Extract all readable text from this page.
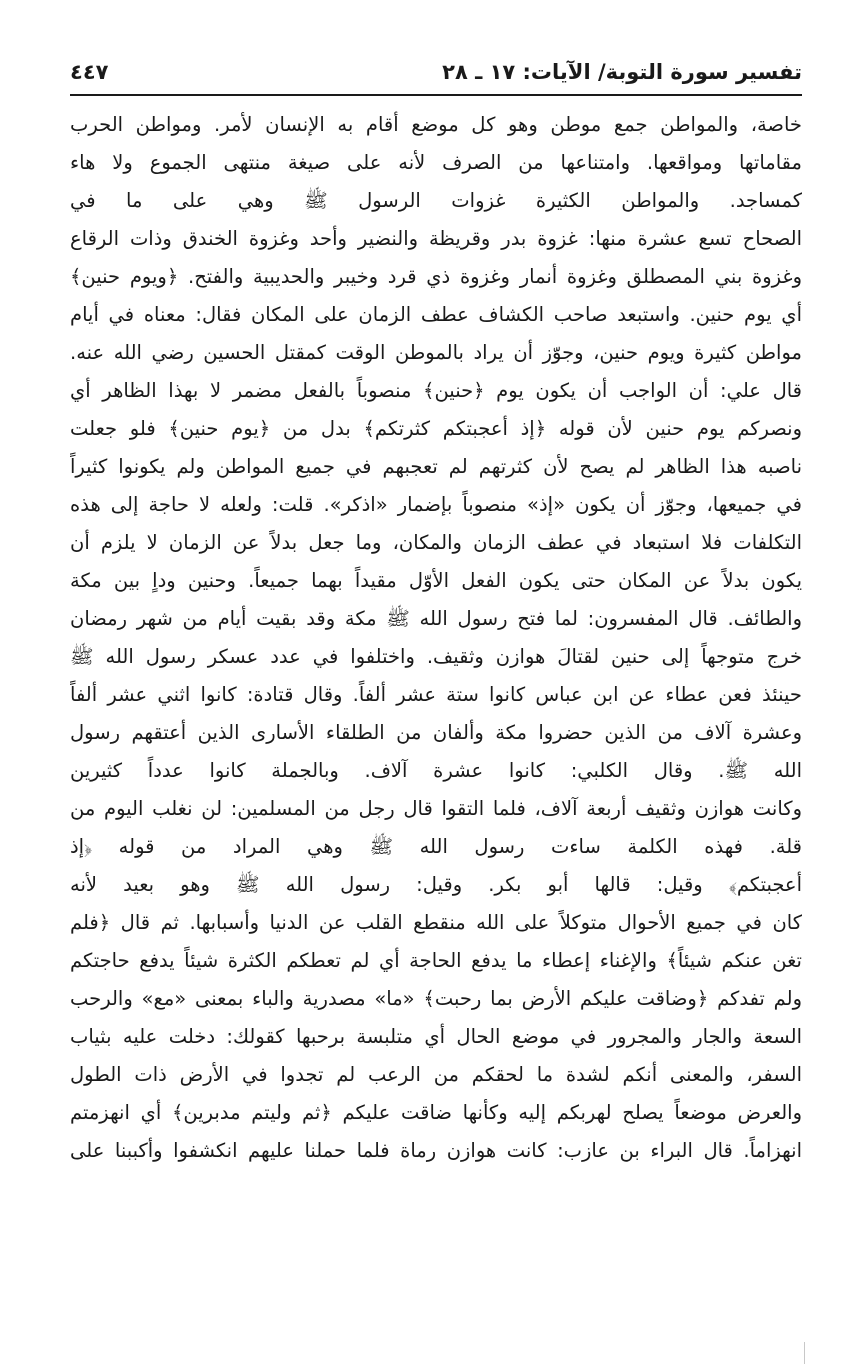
تفسير سورة التوبة/ الآيات: ١٧ ـ ٢٨
٤٤٧
خاصة، والمواطن جمع موطن وهو كل موضع أقام به الإنسان لأمر. ومواطن الحرب
مقاماتها ومواقعها. وامتناعها من الصرف لأنه على صيغة منتهى الجموع ولا هاء
كمساجد. والمواطن الكثيرة غزوات الرسول ﷺ وهي على ما في
الصحاح تسع عشرة منها: غزوة بدر وقريظة والنضير وأحد وغزوة الخندق وذات الرقاع
وغزوة بني المصطلق وغزوة أنمار وغزوة ذي قرد وخيبر والحديبية والفتح. ﴿ويوم حنين﴾
أي يوم حنين. واستبعد صاحب الكشاف عطف الزمان على المكان فقال: معناه في أيام
مواطن كثيرة ويوم حنين، وجوّز أن يراد بالموطن الوقت كمقتل الحسين رضي الله عنه.
قال علي: أن الواجب أن يكون يوم ﴿حنين﴾ منصوباً بالفعل مضمر لا بهذا الظاهر أي
ونصركم يوم حنين لأن قوله ﴿إذ أعجبتكم كثرتكم﴾ بدل من ﴿يوم حنين﴾ فلو جعلت
ناصبه هذا الظاهر لم يصح لأن كثرتهم لم تعجبهم في جميع المواطن ولم يكونوا كثيراً
في جميعها، وجوّز أن يكون «إذ» منصوباً بإضمار «اذكر». قلت: ولعله لا حاجة إلى هذه
التكلفات فلا استبعاد في عطف الزمان والمكان، وما جعل بدلاً عن الزمان لا يلزم أن
يكون بدلاً عن المكان حتى يكون الفعل الأوّل مقيداً بهما جميعاً. وحنين وداٍ بين مكة
والطائف. قال المفسرون: لما فتح رسول الله ﷺ مكة وقد بقيت أيام من شهر رمضان
خرج متوجهاً إلى حنين لقتالَ هوازن وثقيف. واختلفوا في عدد عسكر رسول الله ﷺ
حينئذ فعن عطاء عن ابن عباس كانوا ستة عشر ألفاً. وقال قتادة: كانوا اثني عشر ألفاً
وعشرة آلاف من الذين حضروا مكة وألفان من الطلقاء الأسارى الذين أعتقهم رسول
الله ﷺ. وقال الكلبي: كانوا عشرة آلاف. وبالجملة كانوا عدداً كثيرين
وكانت هوازن وثقيف أربعة آلاف، فلما التقوا قال رجل من المسلمين: لن نغلب اليوم من
قلة. فهذه الكلمة ساءت رسول الله ﷺ وهي المراد من قوله ﴿إذ
أعجبتكم﴾ وقيل: قالها أبو بكر. وقيل: رسول الله ﷺ وهو بعيد لأنه
كان في جميع الأحوال متوكلاً على الله منقطع القلب عن الدنيا وأسبابها. ثم قال ﴿فلم
تغن عنكم شيئاً﴾ والإغناء إعطاء ما يدفع الحاجة أي لم تعطكم الكثرة شيئاً يدفع حاجتكم
ولم تفدكم ﴿وضاقت عليكم الأرض بما رحبت﴾ «ما» مصدرية والباء بمعنى «مع» والرحب
السعة والجار والمجرور في موضع الحال أي متلبسة برحبها كقولك: دخلت عليه بثياب
السفر، والمعنى أنكم لشدة ما لحقكم من الرعب لم تجدوا في الأرض ذات الطول
والعرض موضعاً يصلح لهربكم إليه وكأنها ضاقت عليكم ﴿ثم وليتم مدبرين﴾ أي انهزمتم
انهزاماً. قال البراء بن عازب: كانت هوازن رماة فلما حملنا عليهم انكشفوا وأكببنا على
